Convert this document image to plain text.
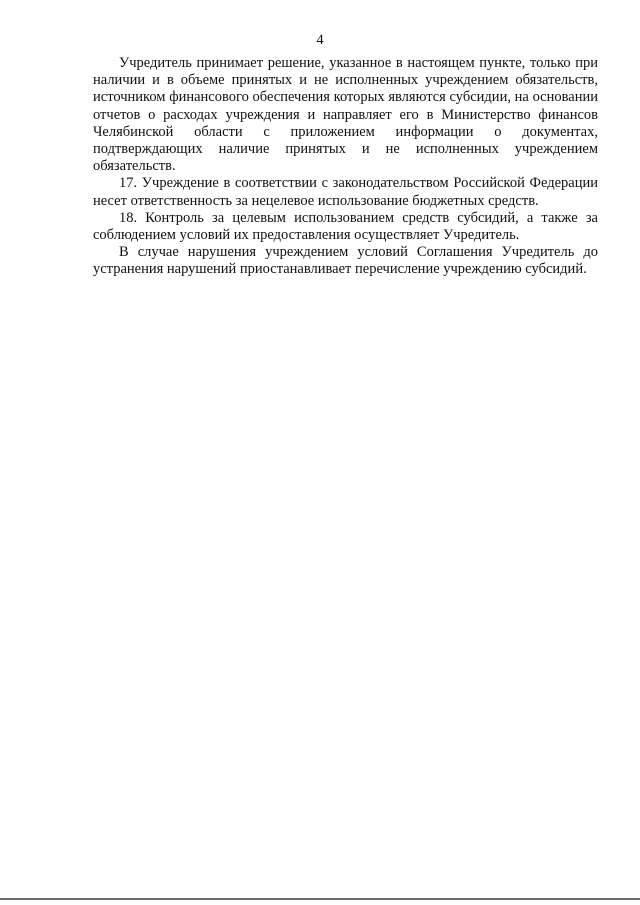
4

Учредитель принимает решение, указанное в настоящем пункте, только при наличии и в объеме принятых и не исполненных учреждением обязательств, источником финансового обеспечения которых являются субсидии, на основании отчетов о расходах учреждения и направляет его в Министерство финансов Челябинской области с приложением информации о документах, подтверждающих наличие принятых и не исполненных учреждением обязательств.

17. Учреждение в соответствии с законодательством Российской Федерации несет ответственность за нецелевое использование бюджетных средств.

18. Контроль за целевым использованием средств субсидий, а также за соблюдением условий их предоставления осуществляет Учредитель.

В случае нарушения учреждением условий Соглашения Учредитель до устранения нарушений приостанавливает перечисление учреждению субсидий.
